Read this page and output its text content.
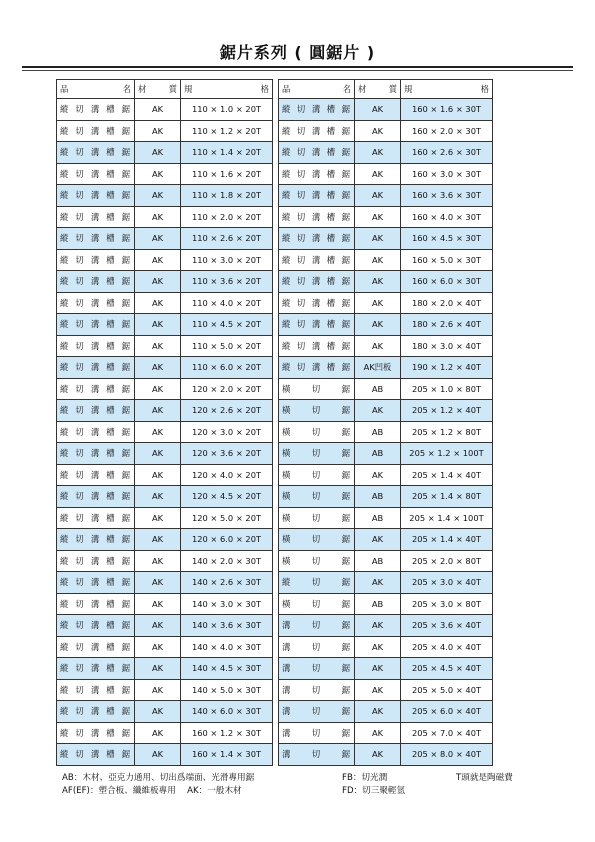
鋸片系列 ( 圓鋸片 )
品 名	材 質	規 格

縱 切 溝 槽 鋸	AK	110 × 1.0 × 20T

縱 切 溝 槽 鋸	AK	110 × 1.2 × 20T

縱 切 溝 槽 鋸	AK	110 × 1.4 × 20T

縱 切 溝 槽 鋸	AK	110 × 1.6 × 20T

縱 切 溝 槽 鋸	AK	110 × 1.8 × 20T

縱 切 溝 槽 鋸	AK	110 × 2.0 × 20T

縱 切 溝 槽 鋸	AK	110 × 2.6 × 20T

縱 切 溝 槽 鋸	AK	110 × 3.0 × 20T

縱 切 溝 槽 鋸	AK	110 × 3.6 × 20T

縱 切 溝 槽 鋸	AK	110 × 4.0 × 20T

縱 切 溝 槽 鋸	AK	110 × 4.5 × 20T

縱 切 溝 槽 鋸	AK	110 × 5.0 × 20T

縱 切 溝 槽 鋸	AK	110 × 6.0 × 20T

縱 切 溝 槽 鋸	AK	120 × 2.0 × 20T

縱 切 溝 槽 鋸	AK	120 × 2.6 × 20T

縱 切 溝 槽 鋸	AK	120 × 3.0 × 20T

縱 切 溝 槽 鋸	AK	120 × 3.6 × 20T

縱 切 溝 槽 鋸	AK	120 × 4.0 × 20T

縱 切 溝 槽 鋸	AK	120 × 4.5 × 20T

縱 切 溝 槽 鋸	AK	120 × 5.0 × 20T

縱 切 溝 槽 鋸	AK	120 × 6.0 × 20T

縱 切 溝 槽 鋸	AK	140 × 2.0 × 30T

縱 切 溝 槽 鋸	AK	140 × 2.6 × 30T

縱 切 溝 槽 鋸	AK	140 × 3.0 × 30T

縱 切 溝 槽 鋸	AK	140 × 3.6 × 30T

縱 切 溝 槽 鋸	AK	140 × 4.0 × 30T

縱 切 溝 槽 鋸	AK	140 × 4.5 × 30T

縱 切 溝 槽 鋸	AK	140 × 5.0 × 30T

縱 切 溝 槽 鋸	AK	140 × 6.0 × 30T

縱 切 溝 槽 鋸	AK	160 × 1.2 × 30T

縱 切 溝 槽 鋸	AK	160 × 1.4 × 30T
品 名	材 質	規 格

縱 切 溝 槽 鋸	AK	160 × 1.6 × 30T

縱 切 溝 槽 鋸	AK	160 × 2.0 × 30T

縱 切 溝 槽 鋸	AK	160 × 2.6 × 30T

縱 切 溝 槽 鋸	AK	160 × 3.0 × 30T

縱 切 溝 槽 鋸	AK	160 × 3.6 × 30T

縱 切 溝 槽 鋸	AK	160 × 4.0 × 30T

縱 切 溝 槽 鋸	AK	160 × 4.5 × 30T

縱 切 溝 槽 鋸	AK	160 × 5.0 × 30T

縱 切 溝 槽 鋸	AK	160 × 6.0 × 30T

縱 切 溝 槽 鋸	AK	180 × 2.0 × 40T

縱 切 溝 槽 鋸	AK	180 × 2.6 × 40T

縱 切 溝 槽 鋸	AK	180 × 3.0 × 40T

縱 切 溝 槽 鋸	AK凹板	190 × 1.2 × 40T

橫 切 鋸	AB	205 × 1.0 × 80T

橫 切 鋸	AK	205 × 1.2 × 40T

橫 切 鋸	AB	205 × 1.2 × 80T

橫 切 鋸	AB	205 × 1.2 × 100T

橫 切 鋸	AK	205 × 1.4 × 40T

橫 切 鋸	AB	205 × 1.4 × 80T

橫 切 鋸	AB	205 × 1.4 × 100T

橫 切 鋸	AK	205 × 1.4 × 40T

橫 切 鋸	AB	205 × 2.0 × 80T

縱 切 鋸	AK	205 × 3.0 × 40T

橫 切 鋸	AB	205 × 3.0 × 80T

溝 切 鋸	AK	205 × 3.6 × 40T

溝 切 鋸	AK	205 × 4.0 × 40T

溝 切 鋸	AK	205 × 4.5 × 40T

溝 切 鋸	AK	205 × 5.0 × 40T

溝 切 鋸	AK	205 × 6.0 × 40T

溝 切 鋸	AK	205 × 7.0 × 40T

溝 切 鋸	AK	205 × 8.0 × 40T
AB：木材、亞克力通用、切出爲端面、光滑專用鋸
AF(EF)：塑合板、纖維板專用　 AK：一般木材
FB：切光潤
FD：切三聚輕氫
T頭就是陶磁費
